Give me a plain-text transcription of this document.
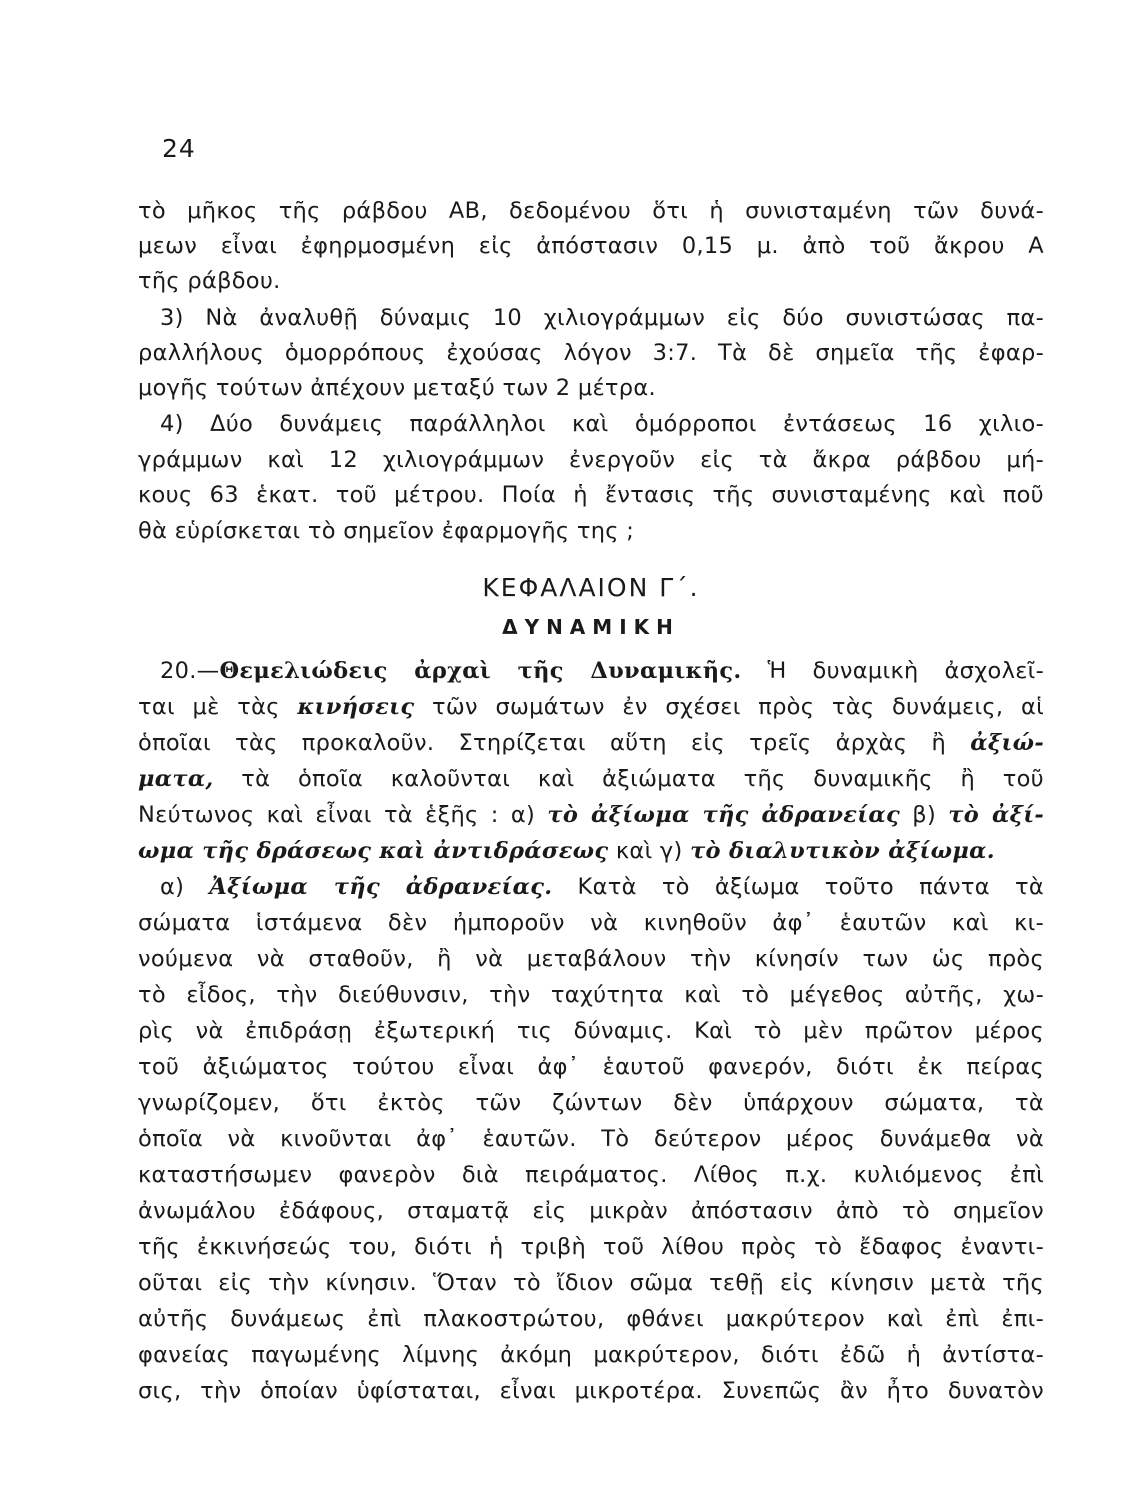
24
τὸ μῆκος τῆς ράβδου ΑΒ, δεδομένου ὅτι ἡ συνισταμένη τῶν δυνά-
μεων εἶναι ἐφηρμοσμένη εἰς ἀπόστασιν 0,15 μ. ἀπὸ τοῦ ἄκρου Α
τῆς ράβδου.
3) Νὰ ἀναλυθῇ δύναμις 10 χιλιογράμμων εἰς δύο συνιστώσας πα-
ραλλήλους ὁμορρόπους ἐχούσας λόγον 3:7. Τὰ δὲ σημεῖα τῆς ἐφαρ-
μογῆς τούτων ἀπέχουν μεταξύ των 2 μέτρα.
4) Δύο δυνάμεις παράλληλοι καὶ ὁμόρροποι ἐντάσεως 16 χιλιο-
γράμμων καὶ 12 χιλιογράμμων ἐνεργοῦν εἰς τὰ ἄκρα ράβδου μή-
κους 63 ἑκατ. τοῦ μέτρου. Ποία ἡ ἔντασις τῆς συνισταμένης καὶ ποῦ
θὰ εὑρίσκεται τὸ σημεῖον ἐφαρμογῆς της ;
ΚΕΦΑΛΑΙΟΝ Γ΄.
ΔΥΝΑΜΙΚΗ
20.—Θεμελιώδεις ἀρχαὶ τῆς Δυναμικῆς. Ἡ δυναμικὴ ἀσχολεῖ-
ται μὲ τὰς κινήσεις τῶν σωμάτων ἐν σχέσει πρὸς τὰς δυνάμεις, αἱ
ὁποῖαι τὰς προκαλοῦν. Στηρίζεται αὕτη εἰς τρεῖς ἀρχὰς ἢ ἀξιώ-
ματα, τὰ ὁποῖα καλοῦνται καὶ ἀξιώματα τῆς δυναμικῆς ἢ τοῦ
Νεύτωνος καὶ εἶναι τὰ ἑξῆς : α) τὸ ἀξίωμα τῆς ἀδρανείας β) τὸ ἀξί-
ωμα τῆς δράσεως καὶ ἀντιδράσεως καὶ γ) τὸ διαλυτικὸν ἀξίωμα.
α) Ἀξίωμα τῆς ἀδρανείας. Κατὰ τὸ ἀξίωμα τοῦτο πάντα τὰ
σώματα ἱστάμενα δὲν ἠμποροῦν νὰ κινηθοῦν ἀφ᾿ ἑαυτῶν καὶ κι-
νούμενα νὰ σταθοῦν, ἢ νὰ μεταβάλουν τὴν κίνησίν των ὡς πρὸς
τὸ εἶδος, τὴν διεύθυνσιν, τὴν ταχύτητα καὶ τὸ μέγεθος αὐτῆς, χω-
ρὶς νὰ ἐπιδράσῃ ἐξωτερική τις δύναμις. Καὶ τὸ μὲν πρῶτον μέρος
τοῦ ἀξιώματος τούτου εἶναι ἀφ᾿ ἑαυτοῦ φανερόν, διότι ἐκ πείρας
γνωρίζομεν, ὅτι ἐκτὸς τῶν ζώντων δὲν ὑπάρχουν σώματα, τὰ
ὁποῖα νὰ κινοῦνται ἀφ᾿ ἑαυτῶν. Τὸ δεύτερον μέρος δυνάμεθα νὰ
καταστήσωμεν φανερὸν διὰ πειράματος. Λίθος π.χ. κυλιόμενος ἐπὶ
ἀνωμάλου ἐδάφους, σταματᾷ εἰς μικρὰν ἀπόστασιν ἀπὸ τὸ σημεῖον
τῆς ἐκκινήσεώς του, διότι ἡ τριβὴ τοῦ λίθου πρὸς τὸ ἔδαφος ἐναντι-
οῦται εἰς τὴν κίνησιν. Ὅταν τὸ ἴδιον σῶμα τεθῇ εἰς κίνησιν μετὰ τῆς
αὐτῆς δυνάμεως ἐπὶ πλακοστρώτου, φθάνει μακρύτερον καὶ ἐπὶ ἐπι-
φανείας παγωμένης λίμνης ἀκόμη μακρύτερον, διότι ἐδῶ ἡ ἀντίστα-
σις, τὴν ὁποίαν ὑφίσταται, εἶναι μικροτέρα. Συνεπῶς ἂν ἦτο δυνατὸν
